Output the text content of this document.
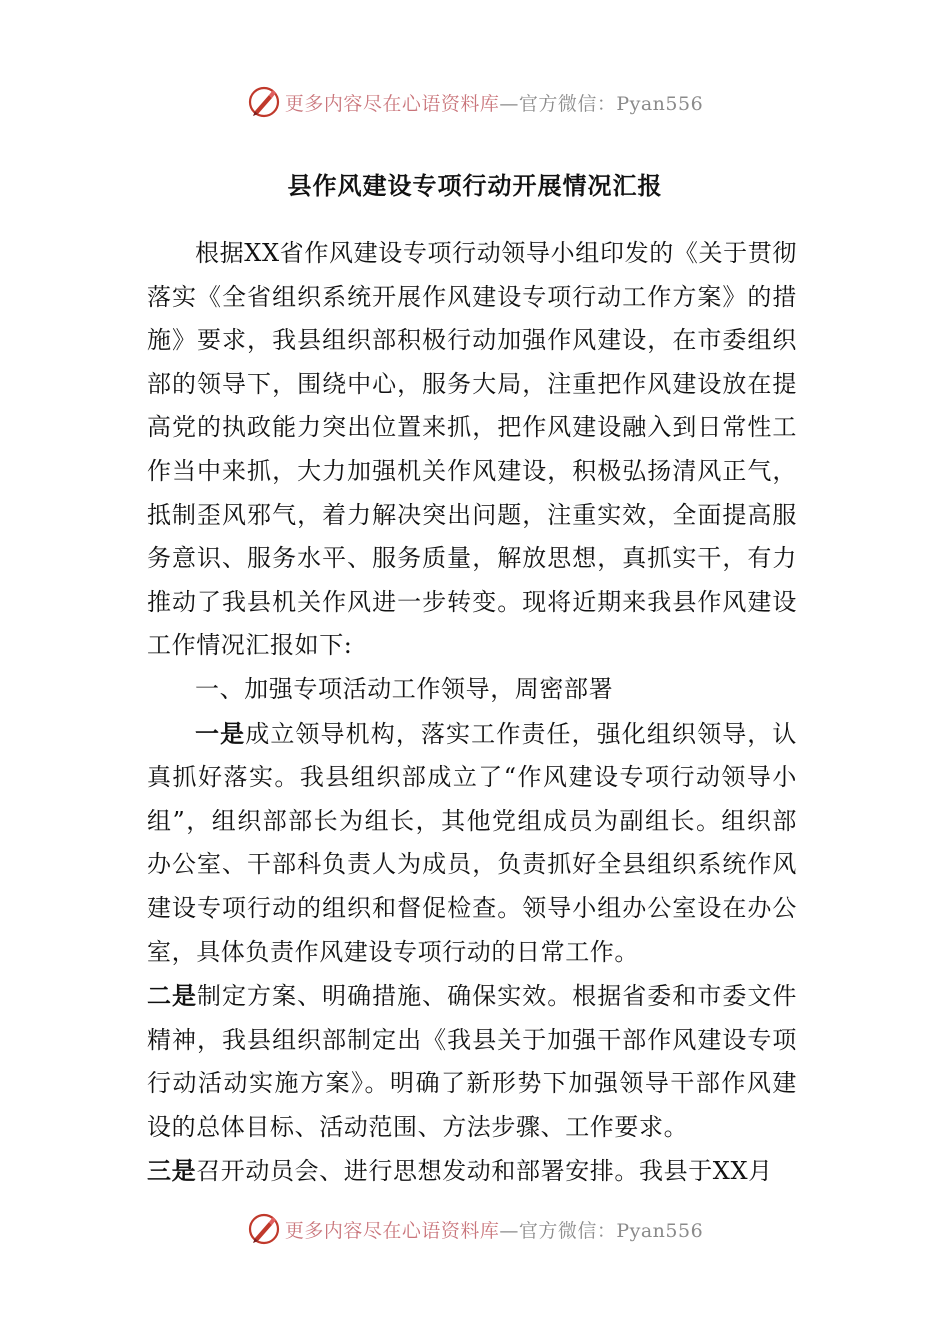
更多内容尽在心语资料库—官方微信：Pyan556
县作风建设专项行动开展情况汇报

根据XX省作风建设专项行动领导小组印发的《关于贯彻落实《全省组织系统开展作风建设专项行动工作方案》的措施》要求，我县组织部积极行动加强作风建设，在市委组织部的领导下，围绕中心，服务大局，注重把作风建设放在提高党的执政能力突出位置来抓，把作风建设融入到日常性工作当中来抓，大力加强机关作风建设，积极弘扬清风正气，抵制歪风邪气，着力解决突出问题，注重实效，全面提高服务意识、服务水平、服务质量，解放思想，真抓实干，有力推动了我县机关作风进一步转变。现将近期来我县作风建设工作情况汇报如下:

一、加强专项活动工作领导，周密部署

一是成立领导机构，落实工作责任，强化组织领导，认真抓好落实。我县组织部成立了“作风建设专项行动领导小组”，组织部部长为组长，其他党组成员为副组长。组织部办公室、干部科负责人为成员，负责抓好全县组织系统作风建设专项行动的组织和督促检查。领导小组办公室设在办公室，具体负责作风建设专项行动的日常工作。

二是制定方案、明确措施、确保实效。根据省委和市委文件精神，我县组织部制定出《我县关于加强干部作风建设专项行动活动实施方案》。明确了新形势下加强领导干部作风建设的总体目标、活动范围、方法步骤、工作要求。

三是召开动员会、进行思想发动和部署安排。我县于XX月

更多内容尽在心语资料库—官方微信：Pyan556
